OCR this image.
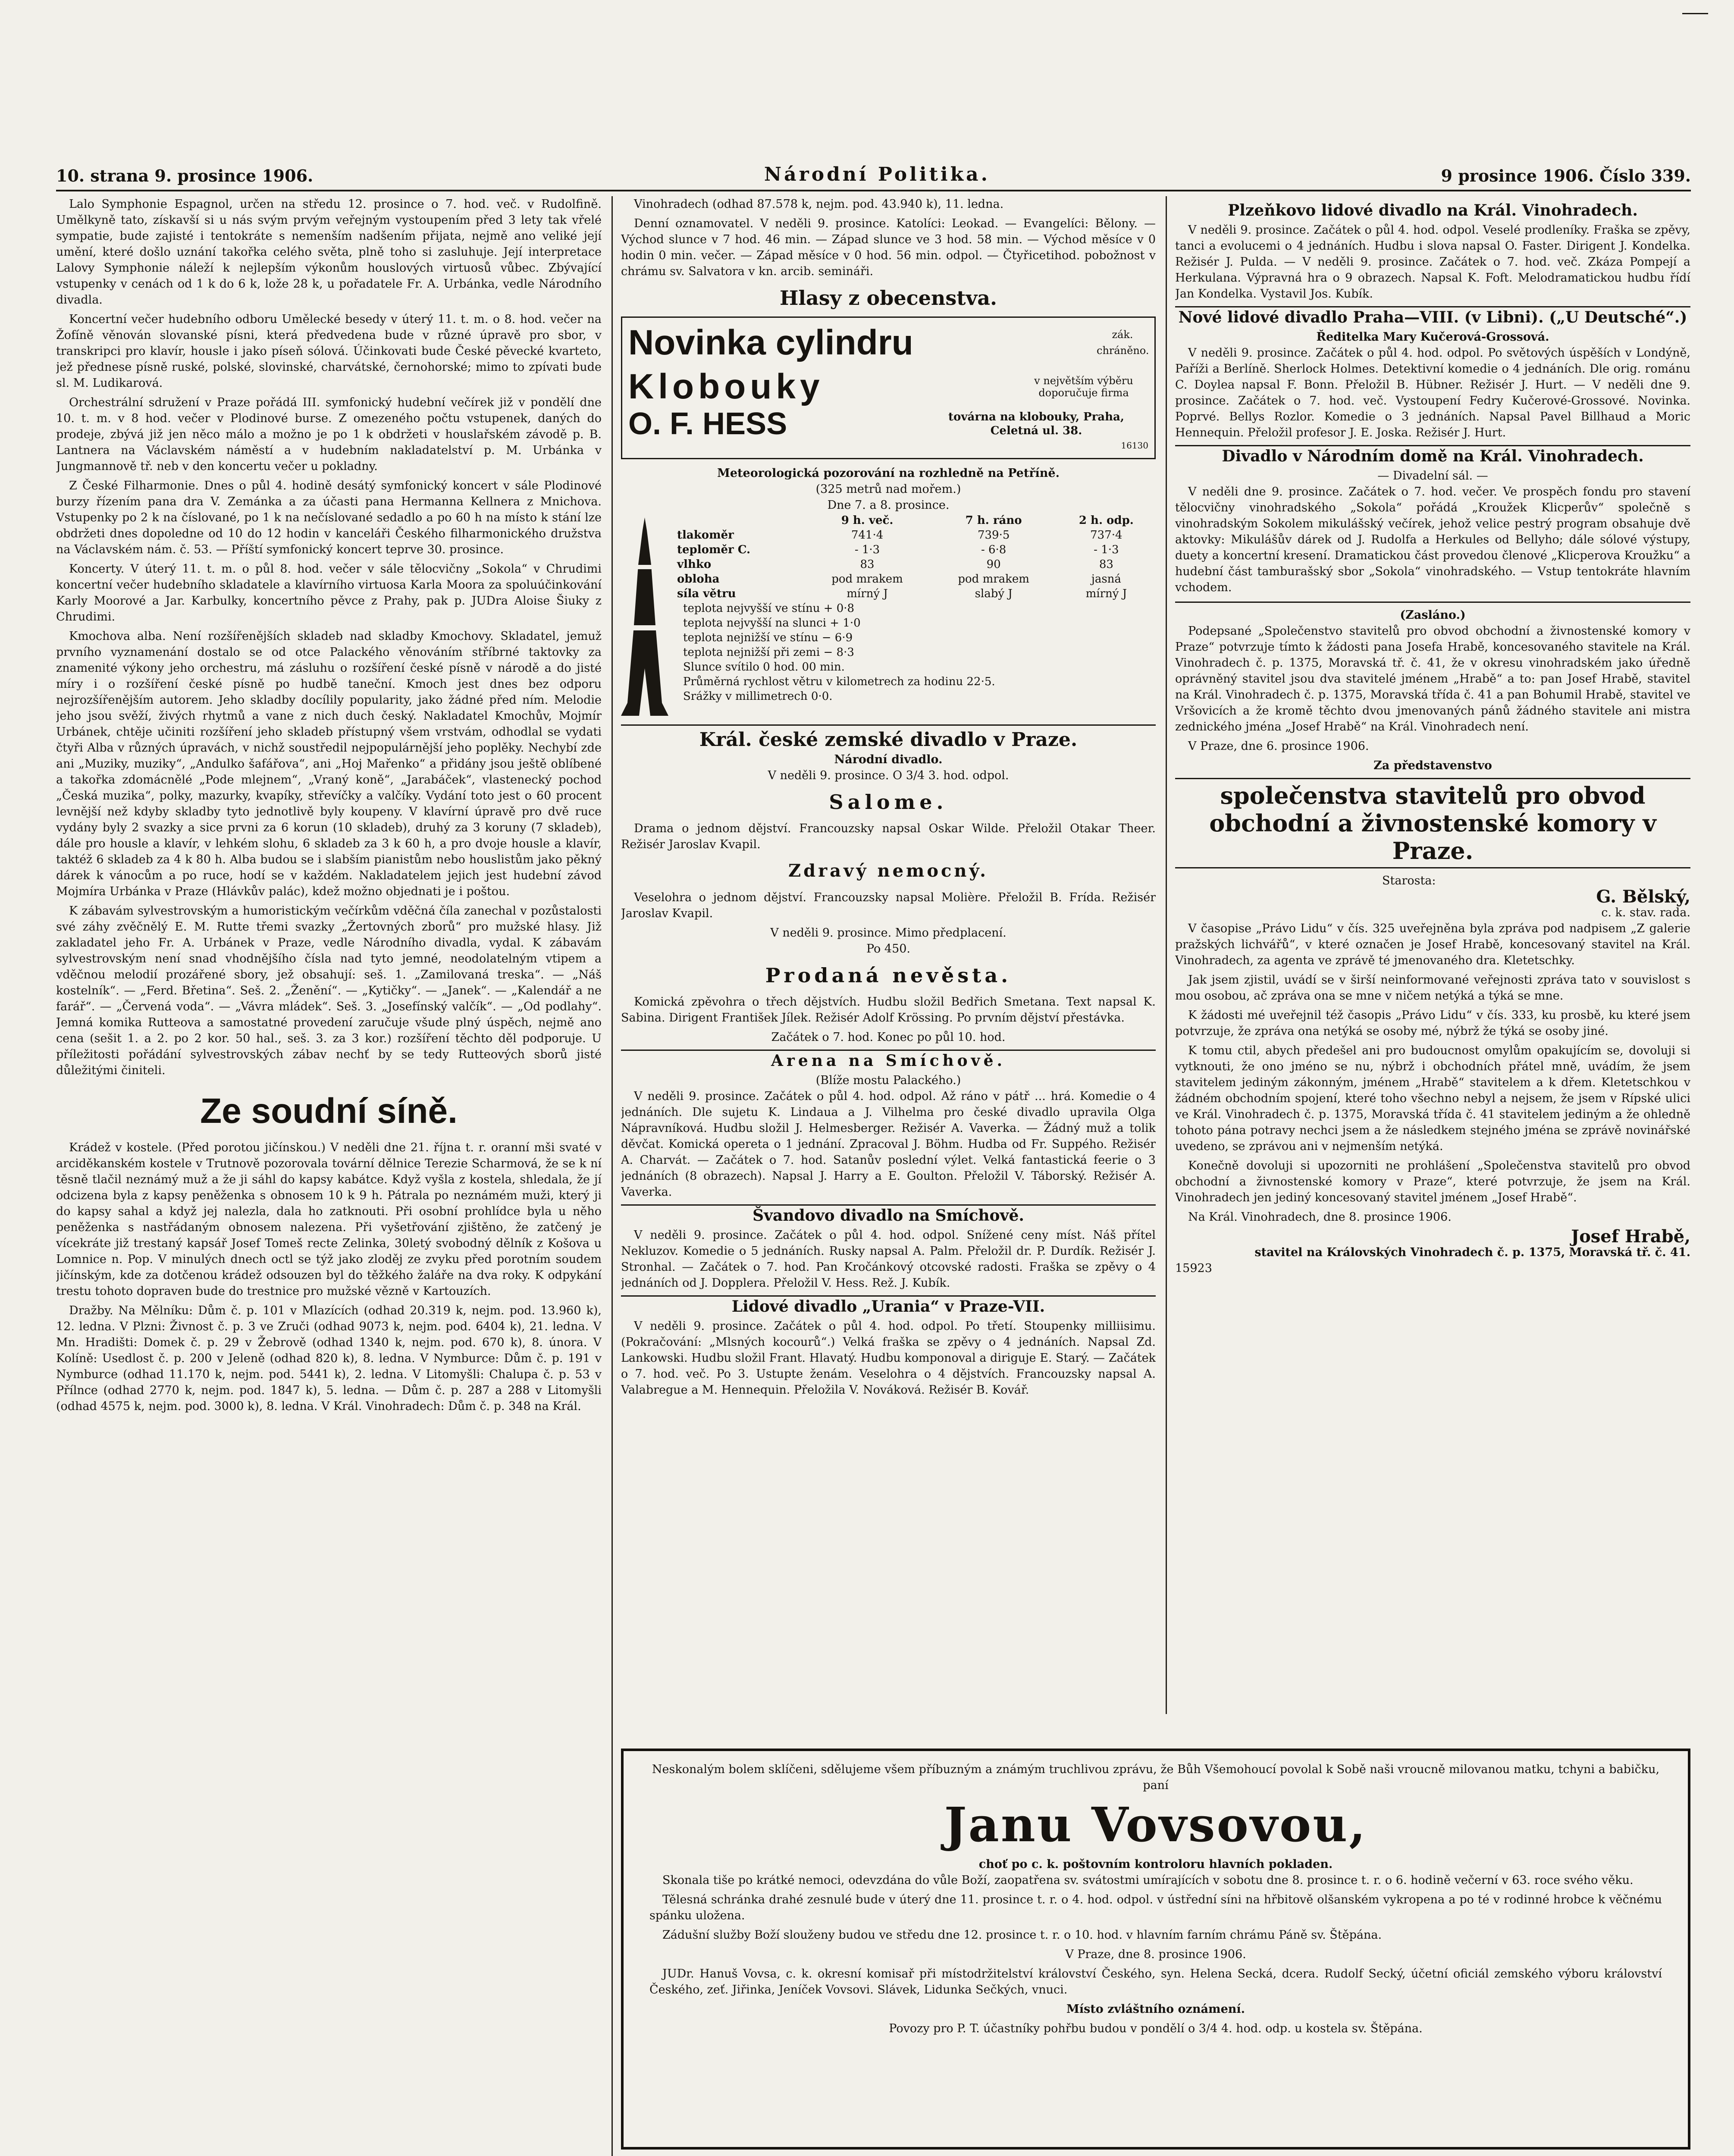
10. strana 9. prosince 1906.	Národní Politika.	9 prosince 1906. Číslo 339.

Lalo Symphonie Espagnol, určen na středu 12. prosince o 7. hod. več. v Rudolfině. Umělkyně tato, získavší si u nás svým prvým veřejným vystoupením před 3 lety tak vřelé sympatie, bude zajisté i tentokráte s nemenším nadšením přijata, nejmě ano veliké její umění, které došlo uznání takořka celého světa, plně toho si zasluhuje. Její interpretace Lalovy Symphonie náleží k nejlepším výkonům houslových virtuosů vůbec. Zbývající vstupenky v cenách od 1 k do 6 k, lože 28 k, u pořadatele Fr. A. Urbánka, vedle Národního divadla.

Koncertní večer hudebního odboru Umělecké besedy v úterý 11. t. m. o 8. hod. večer na Žofíně věnován slovanské písni, která předvedena bude v různé úpravě pro sbor, v transkripci pro klavír, housle i jako píseň sólová. Účinkovati bude České pěvecké kvarteto, jež přednese písně ruské, polské, slovinské, charvátské, černohorské; mimo to zpívati bude sl. M. Ludikarová.

Orchestrální sdružení v Praze pořádá III. symfonický hudební večírek již v pondělí dne 10. t. m. v 8 hod. večer v Plodinové burse. Z omezeného počtu vstupenek, daných do prodeje, zbývá již jen něco málo a možno je po 1 k obdržeti v houslařském závodě p. B. Lantnera na Václavském náměstí a v hudebním nakladatelství p. M. Urbánka v Jungmannově tř. neb v den koncertu večer u pokladny.

Z České Filharmonie. Dnes o půl 4. hodině desátý symfonický koncert v sále Plodinové burzy řízením pana dra V. Zemánka a za účasti pana Hermanna Kellnera z Mnichova. Vstupenky po 2 k na číslované, po 1 k na nečíslované sedadlo a po 60 h na místo k stání lze obdržeti dnes dopoledne od 10 do 12 hodin v kanceláři Českého filharmonického družstva na Václavském nám. č. 53. — Příští symfonický koncert teprve 30. prosince.

Koncerty. V úterý 11. t. m. o půl 8. hod. večer v sále tělocvičny „Sokola“ v Chrudimi koncertní večer hudebního skladatele a klavírního virtuosa Karla Moora za spoluúčinkování Karly Moorové a Jar. Karbulky, koncertního pěvce z Prahy, pak p. JUDra Aloise Šiuky z Chrudimi.

Kmochova alba. Není rozšířenějších skladeb nad skladby Kmochovy. Skladatel, jemuž prvního vyznamenání dostalo se od otce Palackého věnováním stříbrné taktovky za znamenité výkony jeho orchestru, má zásluhu o rozšíření české písně v národě a do jisté míry i o rozšíření české písně po hudbě taneční. Kmoch jest dnes bez odporu nejrozšířenějším autorem. Jeho skladby docílily popularity, jako žádné před ním. Melodie jeho jsou svěží, živých rhytmů a vane z nich duch český. Nakladatel Kmochův, Mojmír Urbánek, chtěje učiniti rozšíření jeho skladeb přístupný všem vrstvám, odhodlal se vydati čtyři Alba v různých úpravách, v nichž soustředil nejpopulárnější jeho poplěky. Nechybí zde ani „Muziky, muziky“, „Andulko šafářova“, ani „Hoj Mařenko“ a přidány jsou ještě oblíbené a takořka zdomácnělé „Pode mlejnem“, „Vraný koně“, „Jarabáček“, vlastenecký pochod „Česká muzika“, polky, mazurky, kvapíky, střevíčky a valčíky. Vydání toto jest o 60 procent levnější než kdyby skladby tyto jednotlivě byly koupeny. V klavírní úpravě pro dvě ruce vydány byly 2 svazky a sice prvni za 6 korun (10 skladeb), druhý za 3 koruny (7 skladeb), dále pro housle a klavír, v lehkém slohu, 6 skladeb za 3 k 60 h, a pro dvoje housle a klavír, taktéž 6 skladeb za 4 k 80 h. Alba budou se i slabším pianistům nebo houslistům jako pěkný dárek k vánocům a po ruce, hodí se v každém. Nakladatelem jejich jest hudební závod Mojmíra Urbánka v Praze (Hlávkův palác), kdež možno objednati je i poštou.

K zábavám sylvestrovským a humoristickým večírkům vděčná číla zanechal v pozůstalosti své záhy zvěčnělý E. M. Rutte třemi svazky „Žertovných zborů“ pro mužské hlasy. Již zakladatel jeho Fr. A. Urbánek v Praze, vedle Národního divadla, vydal. K zábavám sylvestrovským není snad vhodnějšího čísla nad tyto jemné, neodolatelným vtipem a vděčnou melodií prozářené sbory, jež obsahují: seš. 1. „Zamilovaná treska“. — „Náš kostelník“. — „Ferd. Břetina“. Seš. 2. „Ženění“. — „Kytičky“. — „Janek“. — „Kalendář a ne farář“. — „Červená voda“. — „Vávra mládek“. Seš. 3. „Josefínský valčík“. — „Od podlahy“. Jemná komika Rutteova a samostatné provedení zaručuje všude plný úspěch, nejmě ano cena (sešit 1. a 2. po 2 kor. 50 hal., seš. 3. za 3 kor.) rozšíření těchto děl podporuje. U příležitosti pořádání sylvestrovských zábav nechť by se tedy Rutteových sborů jisté důležitými činiteli.

Ze soudní síně.

Krádež v kostele. (Před porotou jičínskou.) V neděli dne 21. října t. r. oranní mši svaté v arciděkanském kostele v Trutnově pozorovala tovární dělnice Terezie Scharmová, že se k ní těsně tlačil neznámý muž a že ji sáhl do kapsy kabátce. Když vyšla z kostela, shledala, že jí odcizena byla z kapsy peněženka s obnosem 10 k 9 h. Pátrala po neznámém muži, který ji do kapsy sahal a když jej nalezla, dala ho zatknouti. Při osobní prohlídce byla u něho peněženka s nastřádaným obnosem nalezena. Při vyšetřování zjištěno, že zatčený je vícekráte již trestaný kapsář Josef Tomeš recte Zelinka, 30letý svobodný dělník z Košova u Lomnice n. Pop. V minulých dnech octl se týž jako zloděj ze zvyku před porotním soudem jičínským, kde za dotčenou krádež odsouzen byl do těžkého žaláře na dva roky. K odpykání trestu tohoto dopraven bude do trestnice pro mužské vězně v Kartouzích.

Dražby. Na Mělníku: Dům č. p. 101 v Mlazících (odhad 20.319 k, nejm. pod. 13.960 k), 12. ledna. V Plzni: Živnost č. p. 3 ve Zruči (odhad 9073 k, nejm. pod. 6404 k), 21. ledna. V Mn. Hradišti: Domek č. p. 29 v Žebrově (odhad 1340 k, nejm. pod. 670 k), 8. února. V Kolíně: Usedlost č. p. 200 v Jeleně (odhad 820 k), 8. ledna. V Nymburce: Dům č. p. 191 v Nymburce (odhad 11.170 k, nejm. pod. 5441 k), 2. ledna. V Litomyšli: Chalupa č. p. 53 v Přílnce (odhad 2770 k, nejm. pod. 1847 k), 5. ledna. — Dům č. p. 287 a 288 v Litomyšli (odhad 4575 k, nejm. pod. 3000 k), 8. ledna. V Král. Vinohradech: Dům č. p. 348 na Král.

Vinohradech (odhad 87.578 k, nejm. pod. 43.940 k), 11. ledna.

Denní oznamovatel. V neděli 9. prosince. Katolíci: Leokad. — Evangelíci: Bělony. — Východ slunce v 7 hod. 46 min. — Západ slunce ve 3 hod. 58 min. — Východ měsíce v 0 hodin 0 min. večer. — Západ měsíce v 0 hod. 56 min. odpol. — Čtyřicetihod. pobožnost v chrámu sv. Salvatora v kn. arcib. semináři.

Hlasy z obecenstva.
Novinka cylindru	zák. chráněno.
Klobouky	v největším výběru doporučuje firma
O. F. HESS	továrna na klobouky, Praha, Celetná ul. 38.
16130
Meteorologická pozorování na rozhledně na Petříně.
(325 metrů nad mořem.)
Dne 7. a 8. prosince.
	9 h. več.	7 h. ráno	2 h. odp.
tlakoměr	741·4	739·5	737·4
teploměr C.	- 1·3	- 6·8	- 1·3
vlhko	83	90	83
obloha	pod mrakem	pod mrakem	jasná
síla větru	mírný J	slabý J	mírný J
teplota nejvyšší ve stínu + 0·8
teplota nejvyšší na slunci + 1·0
teplota nejnižší ve stínu − 6·9
teplota nejnižší při zemi − 8·3
Slunce svítilo 0 hod. 00 min.
Průměrná rychlost větru v kilometrech za hodinu 22·5.
Srážky v millimetrech 0·0.
Král. české zemské divadlo v Praze.
Národní divadlo.
V neděli 9. prosince. O 3/4 3. hod. odpol.
Salome.

Drama o jednom dějství. Francouzsky napsal Oskar Wilde. Přeložil Otakar Theer. Režisér Jaroslav Kvapil.

Zdravý nemocný.

Veselohra o jednom dějství. Francouzsky napsal Molière. Přeložil B. Frída. Režisér Jaroslav Kvapil.

V neděli 9. prosince. Mimo předplacení.
Po 450.
Prodaná nevěsta.

Komická zpěvohra o třech dějstvích. Hudbu složil Bedřich Smetana. Text napsal K. Sabina. Dirigent František Jílek. Režisér Adolf Krössing. Po prvním dějství přestávka.

Začátek o 7. hod. Konec po půl 10. hod.
Arena na Smíchově.
(Blíže mostu Palackého.)

V neděli 9. prosince. Začátek o půl 4. hod. odpol. Až ráno v pátř ... hrá. Komedie o 4 jednáních. Dle sujetu K. Lindaua a J. Vilhelma pro české divadlo upravila Olga Nápravníková. Hudbu složil J. Helmesberger. Režisér A. Vaverka. — Žádný muž a tolik děvčat. Komická opereta o 1 jednání. Zpracoval J. Böhm. Hudba od Fr. Suppého. Režisér A. Charvát. — Začátek o 7. hod. Satanův poslední výlet. Velká fantastická feerie o 3 jednáních (8 obrazech). Napsal J. Harry a E. Goulton. Přeložil V. Táborský. Režisér A. Vaverka.

Švandovo divadlo na Smíchově.

V neděli 9. prosince. Začátek o půl 4. hod. odpol. Snížené ceny míst. Náš přítel Nekluzov. Komedie o 5 jednáních. Rusky napsal A. Palm. Přeložil dr. P. Durdík. Režisér J. Stronhal. — Začátek o 7. hod. Pan Kročánkový otcovské radosti. Fraška se zpěvy o 4 jednáních od J. Dopplera. Přeložil V. Hess. Rež. J. Kubík.

Lidové divadlo „Urania“ v Praze-VII.

V neděli 9. prosince. Začátek o půl 4. hod. odpol. Po třetí. Stoupenky milliisimu. (Pokračování: „Mlsných kocourů“.) Velká fraška se zpěvy o 4 jednáních. Napsal Zd. Lankowski. Hudbu složil Frant. Hlavatý. Hudbu komponoval a diriguje E. Starý. — Začátek o 7. hod. več. Po 3. Ustupte ženám. Veselohra o 4 dějstvích. Francouzsky napsal A. Valabregue a M. Hennequin. Přeložila V. Nováková. Režisér B. Kovář.

Plzeňkovo lidové divadlo na Král. Vinohradech.

V neděli 9. prosince. Začátek o půl 4. hod. odpol. Veselé prodleníky. Fraška se zpěvy, tanci a evolucemi o 4 jednáních. Hudbu i slova napsal O. Faster. Dirigent J. Kondelka. Režisér J. Pulda. — V neděli 9. prosince. Začátek o 7. hod. več. Zkáza Pompejí a Herkulana. Výpravná hra o 9 obrazech. Napsal K. Foft. Melodramatickou hudbu řídí Jan Kondelka. Vystavil Jos. Kubík.

Nové lidové divadlo Praha—VIII. (v Libni). („U Deutsché“.)
Ředitelka Mary Kučerová-Grossová.

V neděli 9. prosince. Začátek o půl 4. hod. odpol. Po světových úspěších v Londýně, Paříži a Berlíně. Sherlock Holmes. Detektivní komedie o 4 jednáních. Dle orig. románu C. Doylea napsal F. Bonn. Přeložil B. Hübner. Režisér J. Hurt. — V neděli dne 9. prosince. Začátek o 7. hod. več. Vystoupení Fedry Kučerové-Grossové. Novinka. Poprvé. Bellys Rozlor. Komedie o 3 jednáních. Napsal Pavel Billhaud a Moric Hennequin. Přeložil profesor J. E. Joska. Režisér J. Hurt.

Divadlo v Národním domě na Král. Vinohradech.
— Divadelní sál. —

V neděli dne 9. prosince. Začátek o 7. hod. večer. Ve prospěch fondu pro stavení tělocvičny vinohradského „Sokola“ pořádá „Kroužek Klicperův“ společně s vinohradským Sokolem mikulášský večírek, jehož velice pestrý program obsahuje dvě aktovky: Mikulášův dárek od J. Rudolfa a Herkules od Bellyho; dále sólové výstupy, duety a koncertní kresení. Dramatickou část provedou členové „Klicperova Kroužku“ a hudební část tamburašský sbor „Sokola“ vinohradského. — Vstup tentokráte hlavním vchodem.

(Zasláno.)

Podepsané „Společenstvo stavitelů pro obvod obchodní a živnostenské komory v Praze“ potvrzuje tímto k žádosti pana Josefa Hrabě, koncesovaného stavitele na Král. Vinohradech č. p. 1375, Moravská tř. č. 41, že v okresu vinohradském jako úředně oprávněný stavitel jsou dva stavitelé jménem „Hrabě“ a to: pan Josef Hrabě, stavitel na Král. Vinohradech č. p. 1375, Moravská třída č. 41 a pan Bohumil Hrabě, stavitel ve Vršovicích a že kromě těchto dvou jmenovaných pánů žádného stavitele ani mistra zednického jména „Josef Hrabě“ na Král. Vinohradech není.

V Praze, dne 6. prosince 1906.

Za představenstvo
společenstva stavitelů pro obvod obchodní a živnostenské komory v Praze.
Starosta:
G. Bělský,
c. k. stav. rada.

V časopise „Právo Lidu“ v čís. 325 uveřejněna byla zpráva pod nadpisem „Z galerie pražských lichvářů“, v které označen je Josef Hrabě, koncesovaný stavitel na Král. Vinohradech, za agenta ve zprávě té jmenovaného dra. Kletetschky.

Jak jsem zjistil, uvádí se v širší neinformované veřejnosti zpráva tato v souvislost s mou osobou, ač zpráva ona se mne v ničem netýká a týká se mne.

K žádosti mé uveřejnil též časopis „Právo Lidu“ v čís. 333, ku prosbě, ku které jsem potvrzuje, že zpráva ona netýká se osoby mé, nýbrž že týká se osoby jiné.

K tomu ctil, abych předešel ani pro budoucnost omylům opakujícím se, dovoluji si vytknouti, že ono jméno se nu, nýbrž i obchodních přátel mně, uvádím, že jsem stavitelem jediným zákonným, jménem „Hrabě“ stavitelem a k dřem. Kletetschkou v žádném obchodním spojení, které toho všechno nebyl a nejsem, že jsem v Rípské ulici ve Král. Vinohradech č. p. 1375, Moravská třída č. 41 stavitelem jediným a že ohledně tohoto pána potravy nechci jsem a že následkem stejného jména se zprávě novinářské uvedeno, se zprávou ani v nejmenším netýká.

Konečně dovoluji si upozorniti ne prohlášení „Společenstva stavitelů pro obvod obchodní a živnostenské komory v Praze“, které potvrzuje, že jsem na Král. Vinohradech jen jediný koncesovaný stavitel jménem „Josef Hrabě“.

Na Král. Vinohradech, dne 8. prosince 1906.

Josef Hrabě,
stavitel na Královských Vinohradech č. p. 1375, Moravská tř. č. 41.
15923

Neskonalým bolem sklíčeni, sdělujeme všem příbuzným a známým truchlivou zprávu, že Bůh Všemohoucí povolal k Sobě naši vroucně milovanou matku, tchyni a babičku, paní

Janu Vovsovou,
choť po c. k. poštovním kontroloru hlavních pokladen.

Skonala tiše po krátké nemoci, odevzdána do vůle Boží, zaopatřena sv. svátostmi umírajících v sobotu dne 8. prosince t. r. o 6. hodině večerní v 63. roce svého věku.

Tělesná schránka drahé zesnulé bude v úterý dne 11. prosince t. r. o 4. hod. odpol. v ústřední síni na hřbitově olšanském vykropena a po té v rodinné hrobce k věčnému spánku uložena.

Zádušní služby Boží slouženy budou ve středu dne 12. prosince t. r. o 10. hod. v hlavním farním chrámu Páně sv. Štěpána.

V Praze, dne 8. prosince 1906.

JUDr. Hanuš Vovsa, c. k. okresní komisař při místodržitelství království Českého, syn. Helena Secká, dcera. Rudolf Secký, účetní oficiál zemského výboru království Českého, zeť. Jiřinka, Jeníček Vovsovi. Slávek, Lidunka Sečkých, vnuci.

Místo zvláštního oznámení.

Povozy pro P. T. účastníky pohřbu budou v pondělí o 3/4 4. hod. odp. u kostela sv. Štěpána.
